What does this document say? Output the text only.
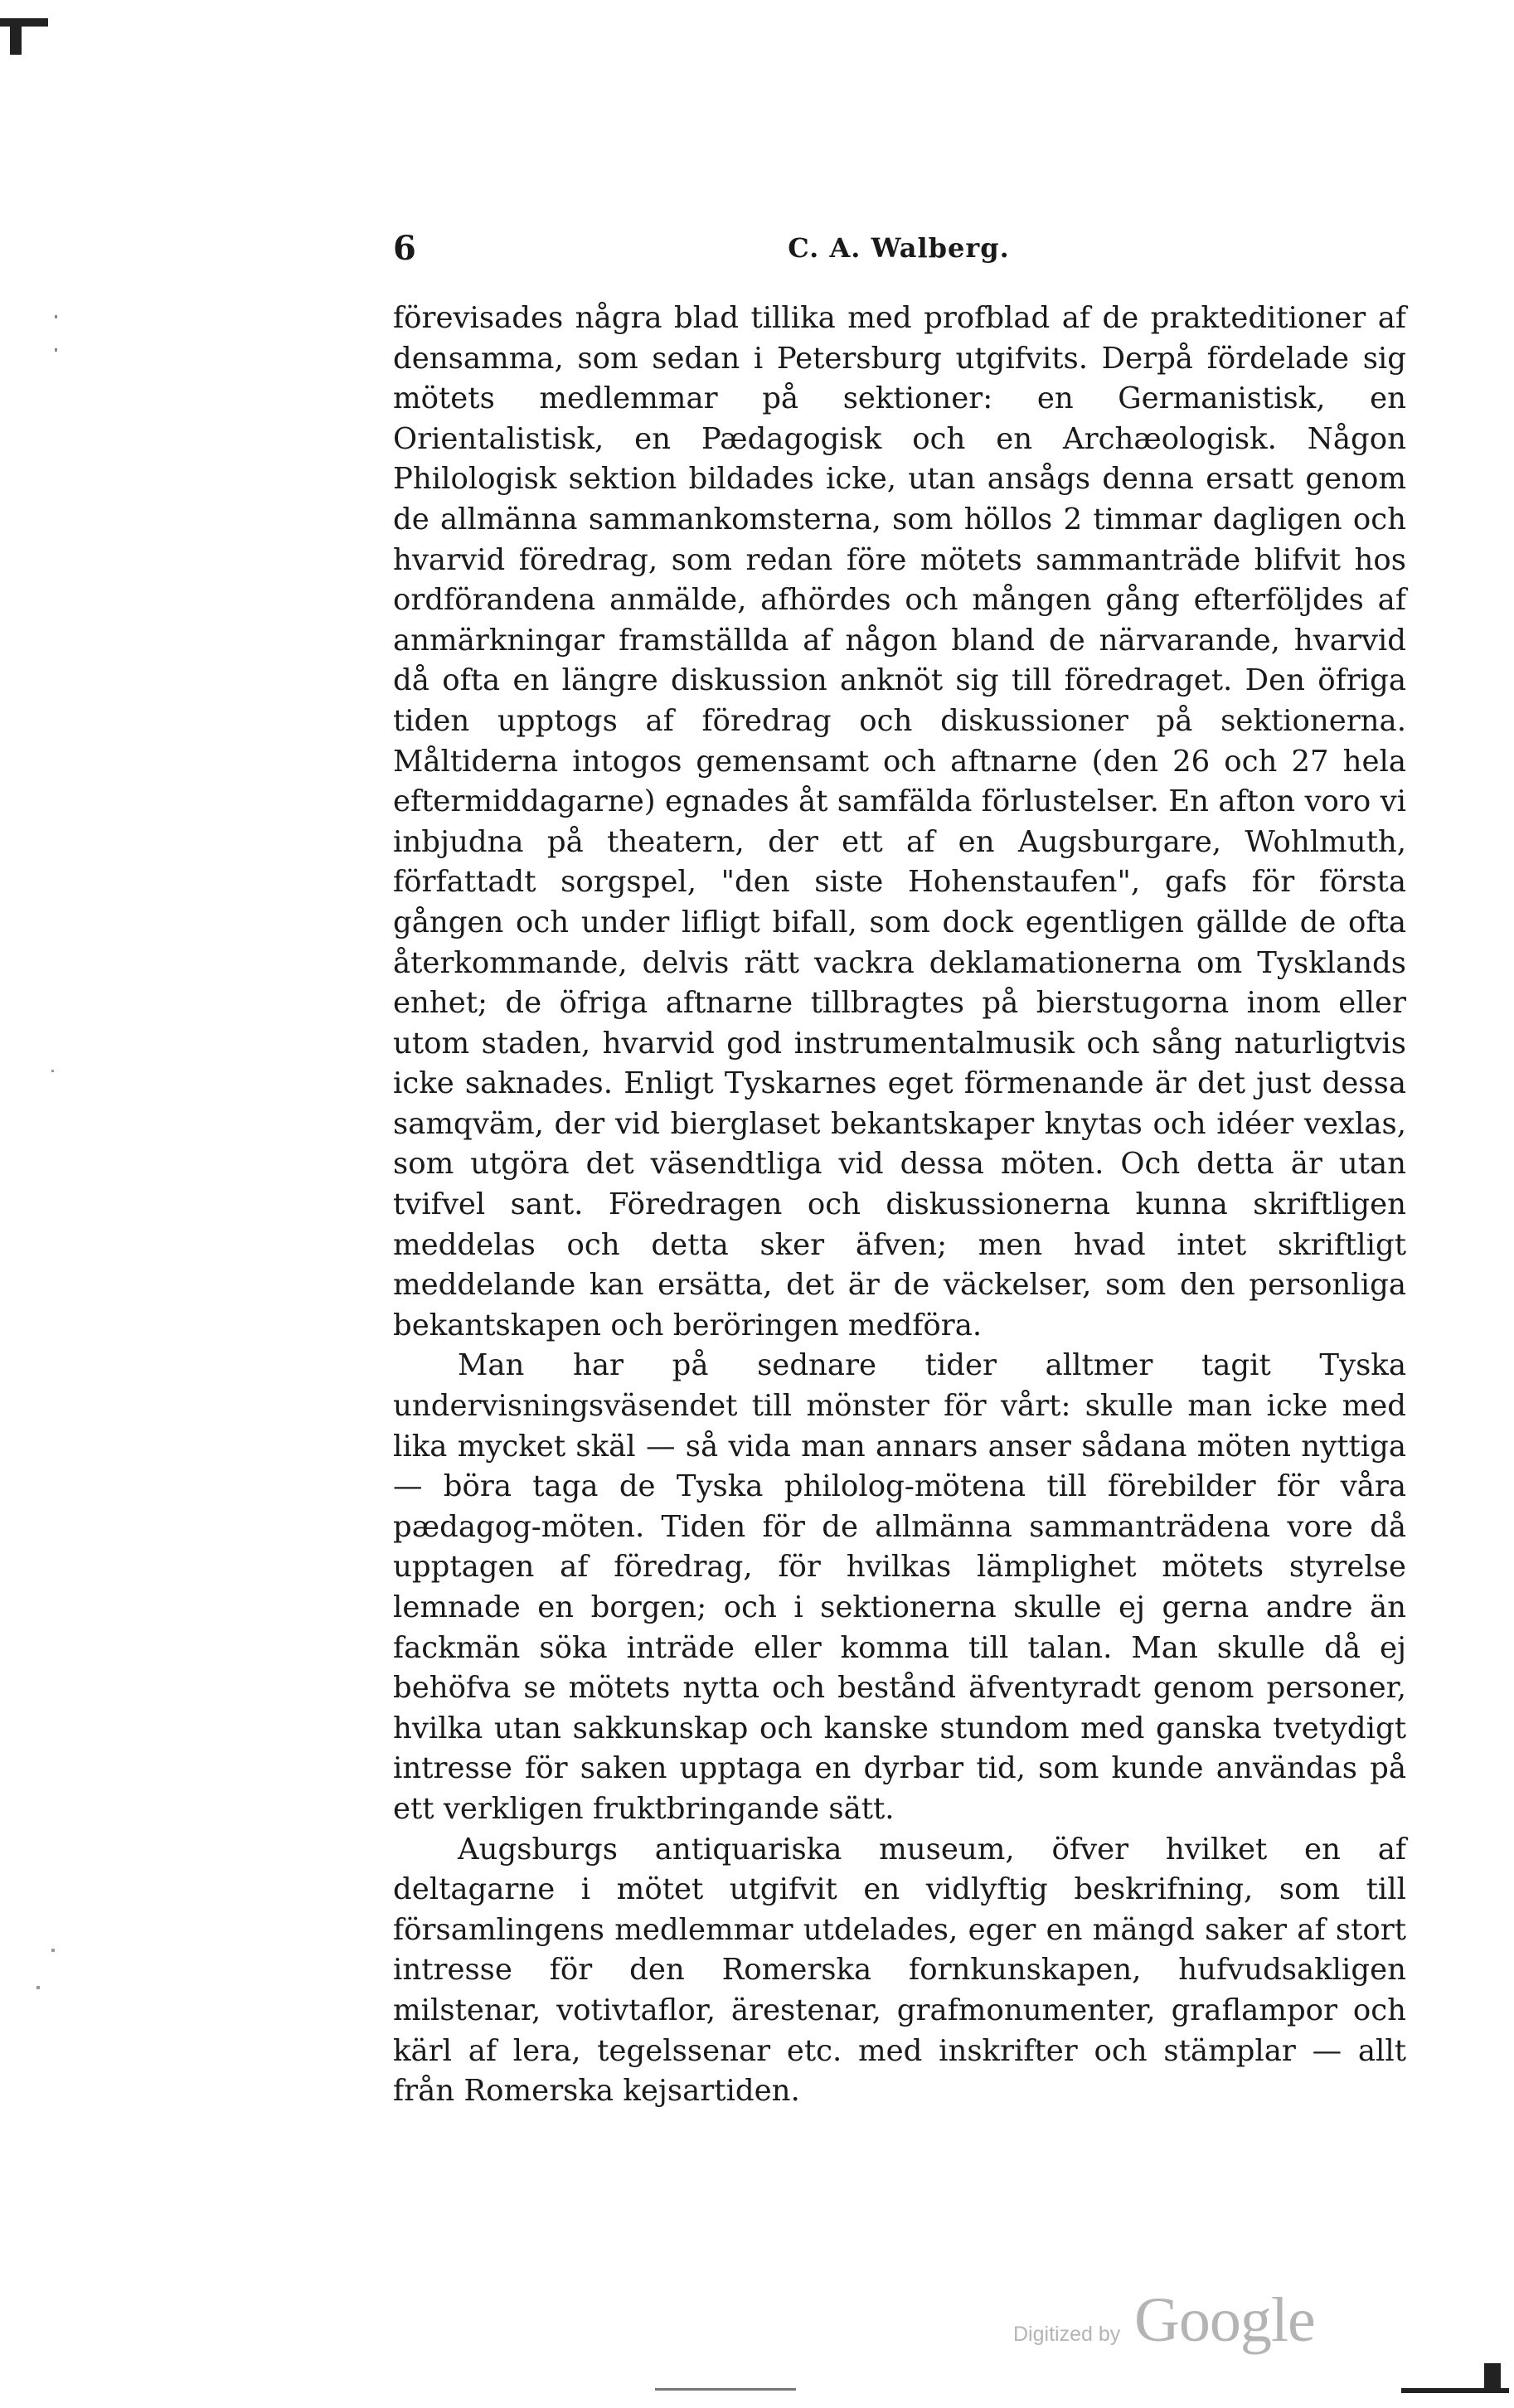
6	C. A. Walberg.

förevisades några blad tillika med profblad af de prakteditioner af densamma, som sedan i Petersburg utgifvits. Derpå fördelade sig mötets medlemmar på sektioner: en Germanistisk, en Orientalistisk, en Pædagogisk och en Archæologisk. Någon Philologisk sektion bildades icke, utan ansågs denna ersatt genom de allmänna sammankomsterna, som höllos 2 timmar dagligen och hvarvid föredrag, som redan före mötets sammanträde blifvit hos ordförandena anmälde, afhördes och mången gång efterföljdes af anmärkningar framställda af någon bland de närvarande, hvarvid då ofta en längre diskussion anknöt sig till föredraget. Den öfriga tiden upptogs af föredrag och diskussioner på sektionerna. Måltiderna intogos gemensamt och aftnarne (den 26 och 27 hela eftermiddagarne) egnades åt samfälda förlustelser. En afton voro vi inbjudna på theatern, der ett af en Augsburgare, Wohlmuth, författadt sorgspel, "den siste Hohenstaufen", gafs för första gången och under lifligt bifall, som dock egentligen gällde de ofta återkommande, delvis rätt vackra deklamationerna om Tysklands enhet; de öfriga aftnarne tillbragtes på bierstugorna inom eller utom staden, hvarvid god instrumentalmusik och sång naturligtvis icke saknades. Enligt Tyskarnes eget förmenande är det just dessa samqväm, der vid bierglaset bekantskaper knytas och idéer vexlas, som utgöra det väsendtliga vid dessa möten. Och detta är utan tvifvel sant. Föredragen och diskussionerna kunna skriftligen meddelas och detta sker äfven; men hvad intet skriftligt meddelande kan ersätta, det är de väckelser, som den personliga bekantskapen och beröringen medföra.

Man har på sednare tider alltmer tagit Tyska undervisningsväsendet till mönster för vårt: skulle man icke med lika mycket skäl — så vida man annars anser sådana möten nyttiga — böra taga de Tyska philolog-mötena till förebilder för våra pædagog-möten. Tiden för de allmänna sammanträdena vore då upptagen af föredrag, för hvilkas lämplighet mötets styrelse lemnade en borgen; och i sektionerna skulle ej gerna andre än fackmän söka inträde eller komma till talan. Man skulle då ej behöfva se mötets nytta och bestånd äfventyradt genom personer, hvilka utan sakkunskap och kanske stundom med ganska tvetydigt intresse för saken upptaga en dyrbar tid, som kunde användas på ett verkligen fruktbringande sätt.

Augsburgs antiquariska museum, öfver hvilket en af deltagarne i mötet utgifvit en vidlyftig beskrifning, som till församlingens medlemmar utdelades, eger en mängd saker af stort intresse för den Romerska fornkunskapen, hufvudsakligen milstenar, votivtaflor, ärestenar, grafmonumenter, graflampor och kärl af lera, tegelssenar etc. med inskrifter och stämplar — allt från Romerska kejsartiden.

Digitized by Google
